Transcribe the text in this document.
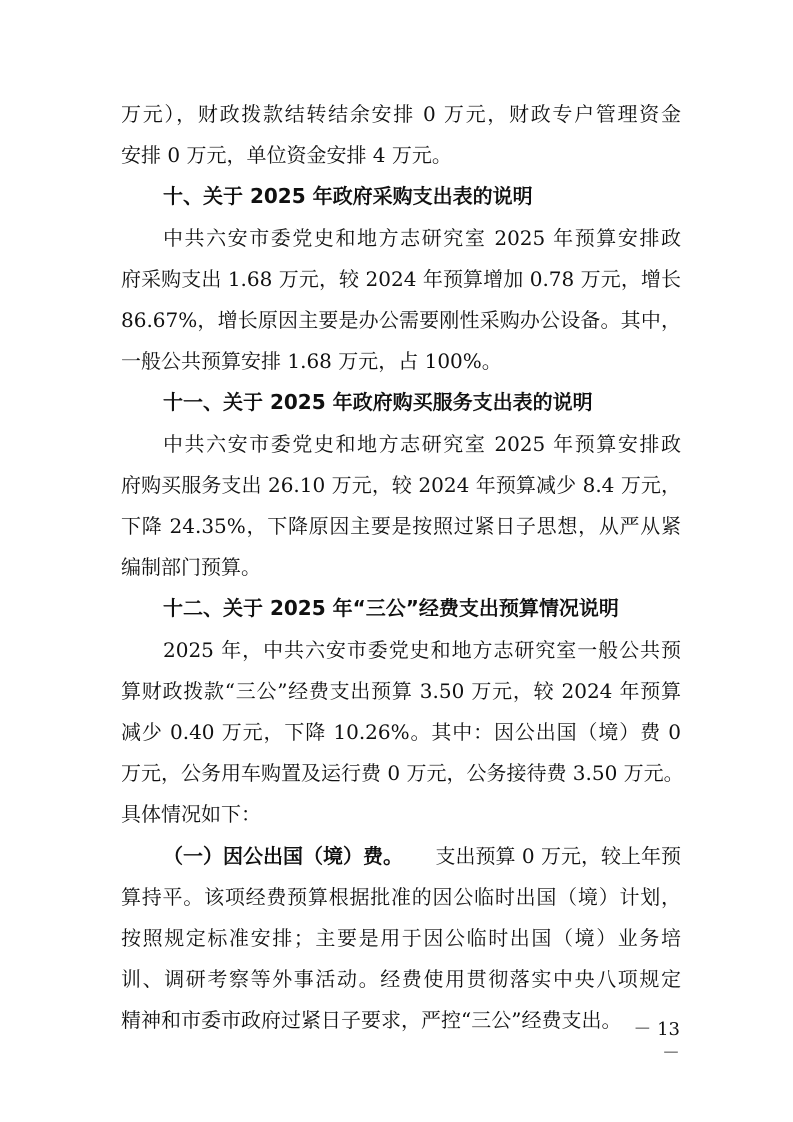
万元），财政拨款结转结余安排 0 万元，财政专户管理资金
安排 0 万元，单位资金安排 4 万元。
十、关于 2025 年政府采购支出表的说明
中共六安市委党史和地方志研究室 2025 年预算安排政
府采购支出 1.68 万元，较 2024 年预算增加 0.78 万元，增长
86.67%，增长原因主要是办公需要刚性采购办公设备。其中，
一般公共预算安排 1.68 万元，占 100%。
十一、关于 2025 年政府购买服务支出表的说明
中共六安市委党史和地方志研究室 2025 年预算安排政
府购买服务支出 26.10 万元，较 2024 年预算减少 8.4 万元，
下降 24.35%，下降原因主要是按照过紧日子思想，从严从紧
编制部门预算。
十二、关于 2025 年“三公”经费支出预算情况说明
2025 年，中共六安市委党史和地方志研究室一般公共预
算财政拨款“三公”经费支出预算 3.50 万元，较 2024 年预算
减少 0.40 万元，下降 10.26%。其中：因公出国（境）费 0
万元，公务用车购置及运行费 0 万元，公务接待费 3.50 万元。
具体情况如下：
（一）因公出国（境）费。 支出预算 0 万元，较上年预
算持平。该项经费预算根据批准的因公临时出国（境）计划，
按照规定标准安排；主要是用于因公临时出国（境）业务培
训、调研考察等外事活动。经费使用贯彻落实中央八项规定
精神和市委市政府过紧日子要求，严控“三公”经费支出。 － 13 －
